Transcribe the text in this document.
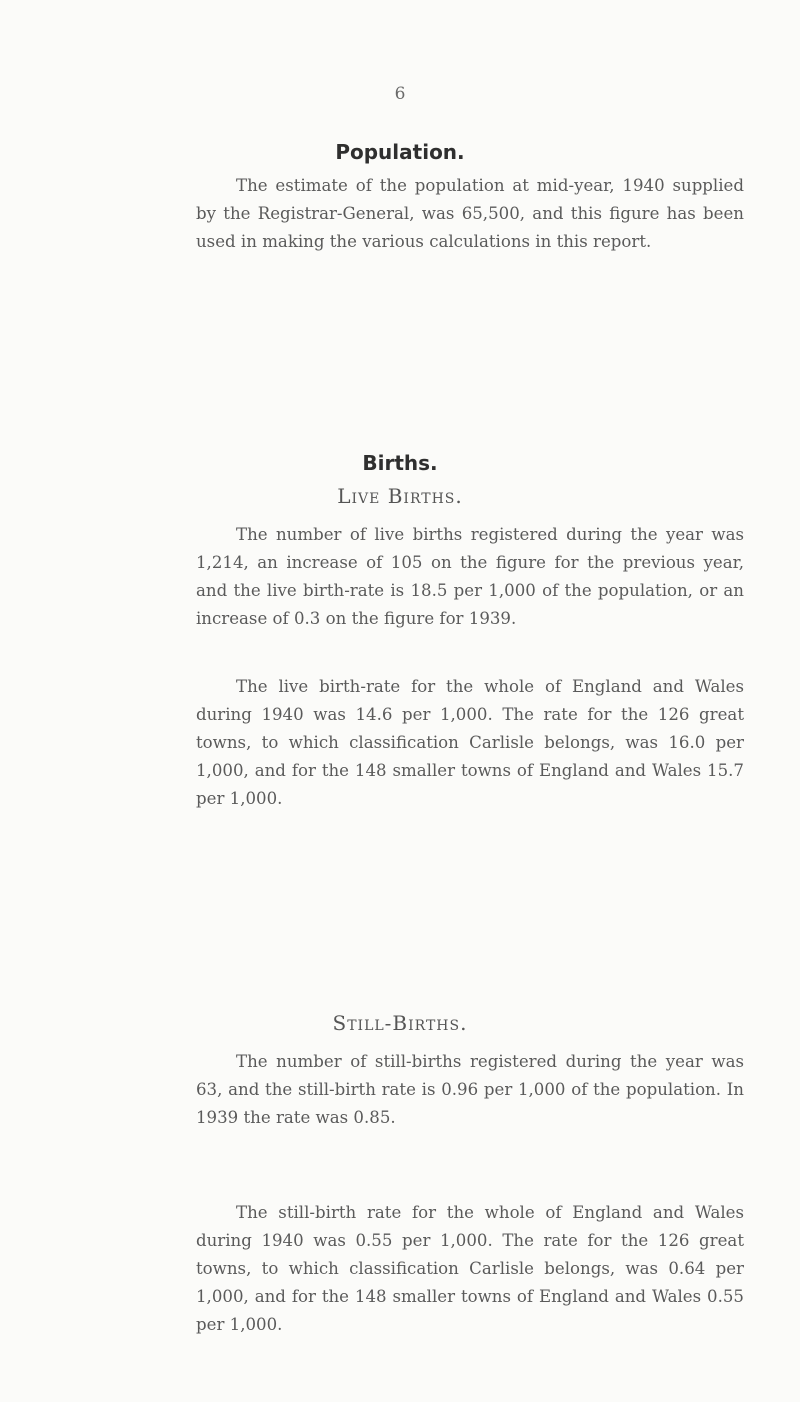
6
Population.

The estimate of the population at mid-year, 1940 supplied by the Registrar-General, was 65,500, and this figure has been used in making the various calculations in this report.

Births.
Live Births.

The number of live births registered during the year was 1,214, an increase of 105 on the figure for the previous year, and the live birth-rate is 18.5 per 1,000 of the population, or an increase of 0.3 on the figure for 1939.

The live birth-rate for the whole of England and Wales during 1940 was 14.6 per 1,000. The rate for the 126 great towns, to which classification Carlisle belongs, was 16.0 per 1,000, and for the 148 smaller towns of England and Wales 15.7 per 1,000.

Still-Births.

The number of still-births registered during the year was 63, and the still-birth rate is 0.96 per 1,000 of the population. In 1939 the rate was 0.85.

The still-birth rate for the whole of England and Wales during 1940 was 0.55 per 1,000. The rate for the 126 great towns, to which classification Carlisle belongs, was 0.64 per 1,000, and for the 148 smaller towns of England and Wales 0.55 per 1,000.
